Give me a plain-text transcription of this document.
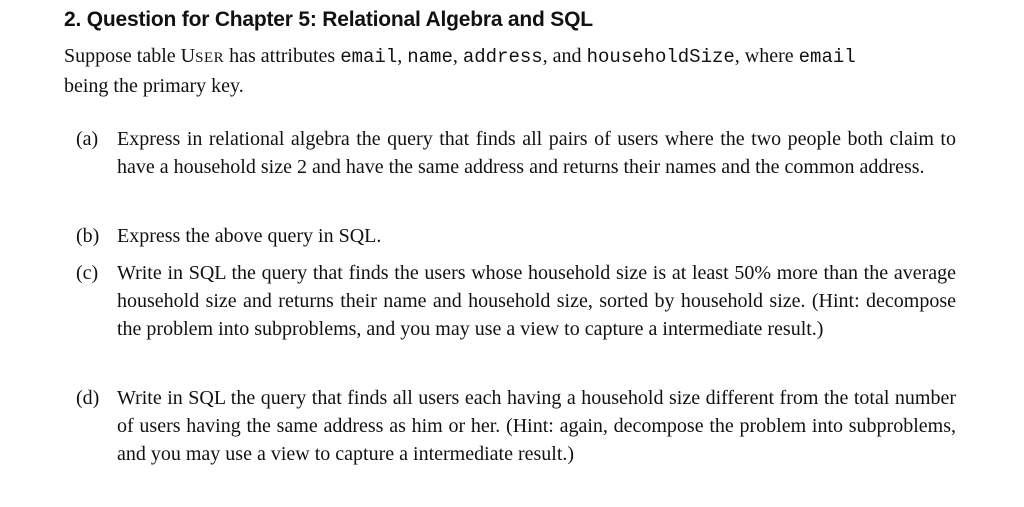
2. Question for Chapter 5: Relational Algebra and SQL
Suppose table USER has attributes email, name, address, and householdSize, where email
being the primary key.
(a) Express in relational algebra the query that finds all pairs of users where the two people both claim to have a household size 2 and have the same address and returns their names and the common address.
(b) Express the above query in SQL.
(c) Write in SQL the query that finds the users whose household size is at least 50% more than the average household size and returns their name and household size, sorted by household size. (Hint: decompose the problem into subproblems, and you may use a view to capture a intermediate result.)
(d) Write in SQL the query that finds all users each having a household size different from the total number of users having the same address as him or her. (Hint: again, decompose the problem into subproblems, and you may use a view to capture a intermediate result.)
